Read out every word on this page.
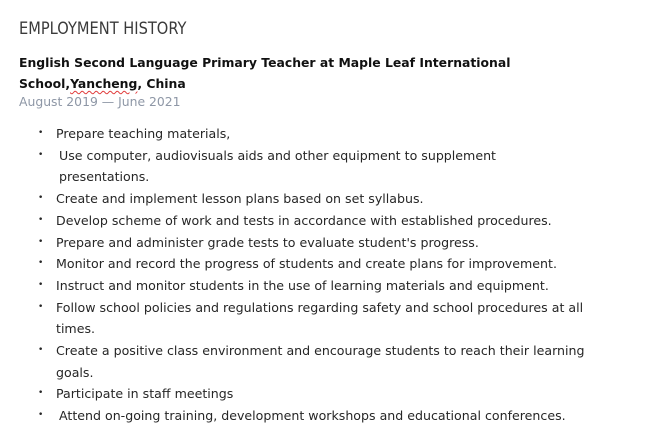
EMPLOYMENT HISTORY
English Second Language Primary Teacher at Maple Leaf International School,Yancheng, China
August 2019 — June 2021
• Prepare teaching materials,
• Use computer, audiovisuals aids and other equipment to supplement presentations.
• Create and implement lesson plans based on set syllabus.
• Develop scheme of work and tests in accordance with established procedures.
• Prepare and administer grade tests to evaluate student's progress.
• Monitor and record the progress of students and create plans for improvement.
• Instruct and monitor students in the use of learning materials and equipment.
• Follow school policies and regulations regarding safety and school procedures at all times.
• Create a positive class environment and encourage students to reach their learning goals.
• Participate in staff meetings
• Attend on-going training, development workshops and educational conferences.
